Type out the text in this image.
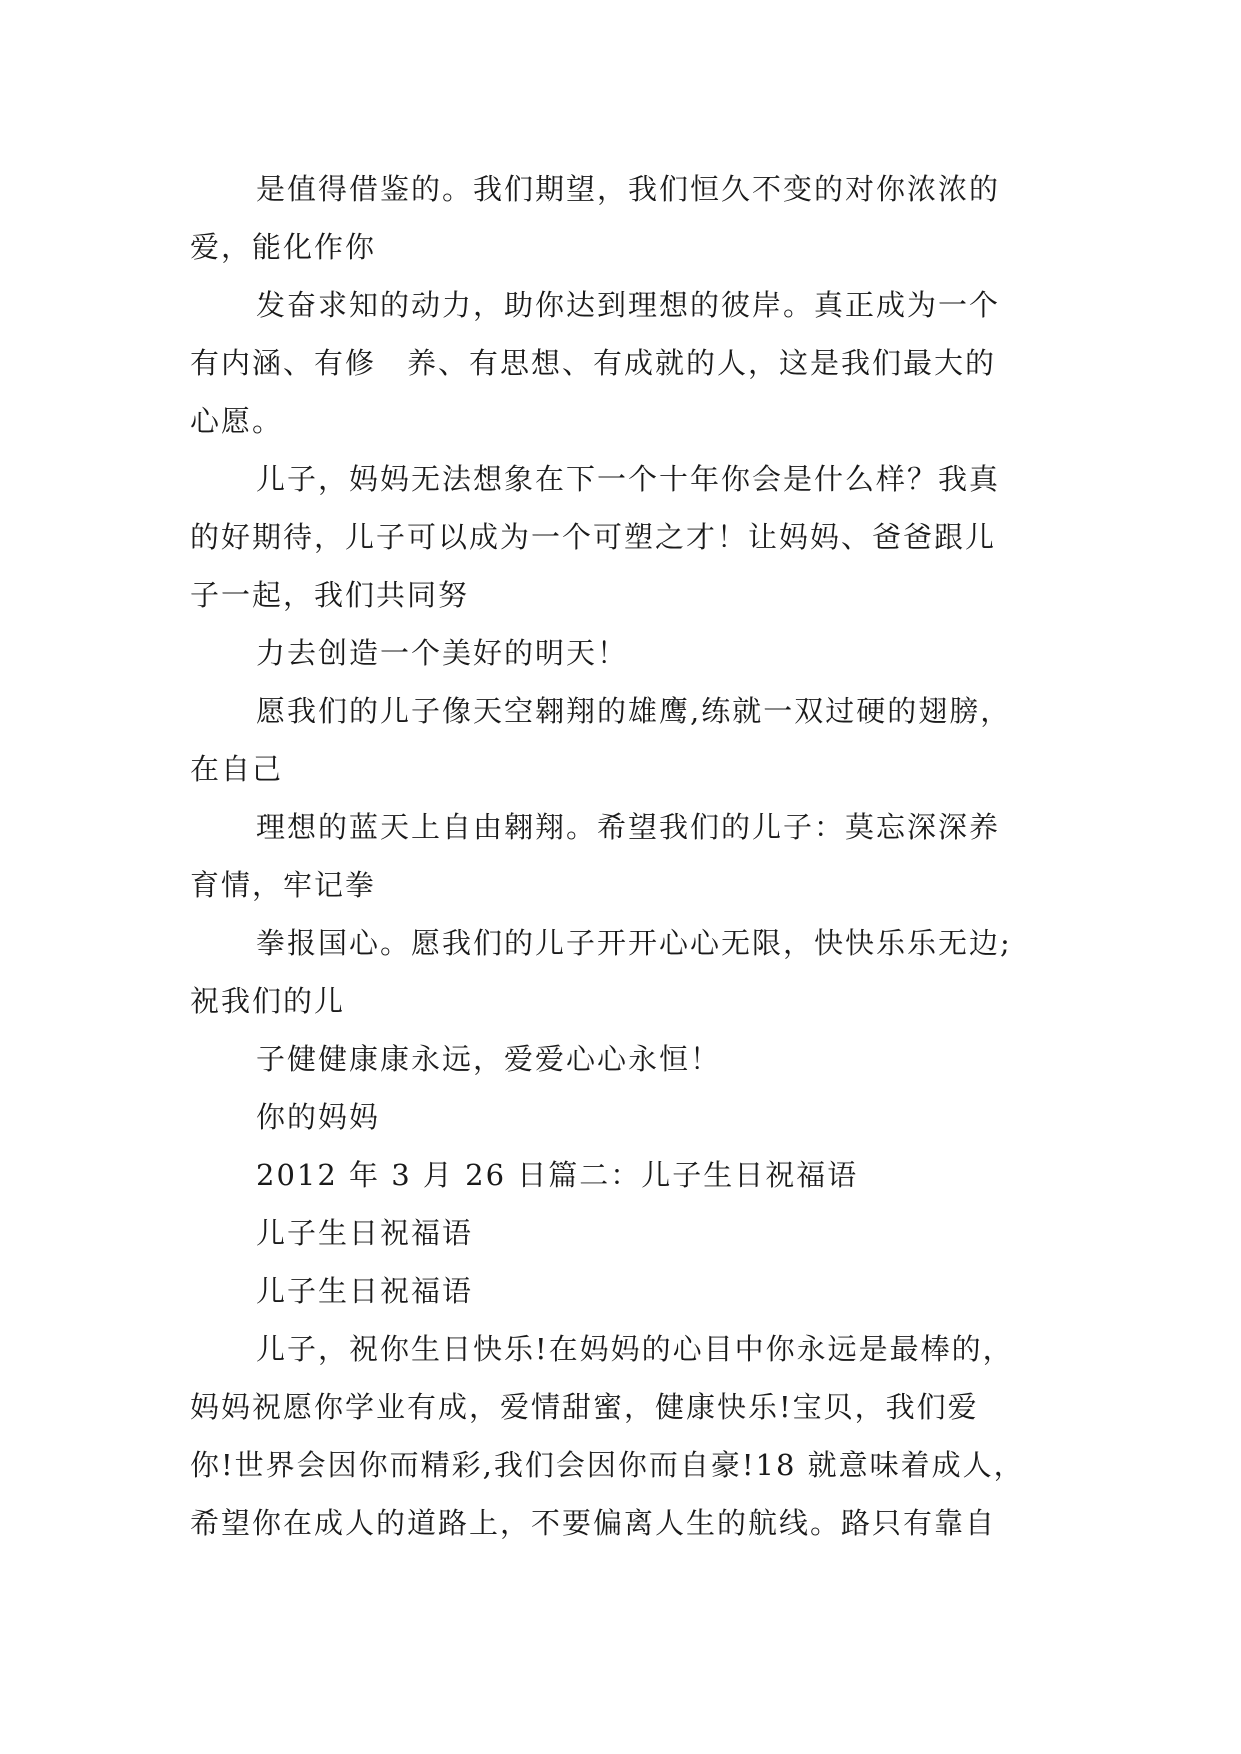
是值得借鉴的。我们期望，我们恒久不变的对你浓浓的
爱，能化作你
发奋求知的动力，助你达到理想的彼岸。真正成为一个
有内涵、有修　养、有思想、有成就的人，这是我们最大的
心愿。
儿子，妈妈无法想象在下一个十年你会是什么样？我真
的好期待，儿子可以成为一个可塑之才！让妈妈、爸爸跟儿
子一起，我们共同努
力去创造一个美好的明天！
愿我们的儿子像天空翱翔的雄鹰,练就一双过硬的翅膀，
在自己
理想的蓝天上自由翱翔。希望我们的儿子：莫忘深深养
育情，牢记拳
拳报国心。愿我们的儿子开开心心无限，快快乐乐无边;
祝我们的儿
子健健康康永远，爱爱心心永恒！
你的妈妈
2012 年 3 月 26 日篇二：儿子生日祝福语
儿子生日祝福语
儿子生日祝福语
儿子，祝你生日快乐!在妈妈的心目中你永远是最棒的，
妈妈祝愿你学业有成，爱情甜蜜，健康快乐!宝贝，我们爱
你!世界会因你而精彩,我们会因你而自豪!18 就意味着成人，
希望你在成人的道路上，不要偏离人生的航线。路只有靠自
